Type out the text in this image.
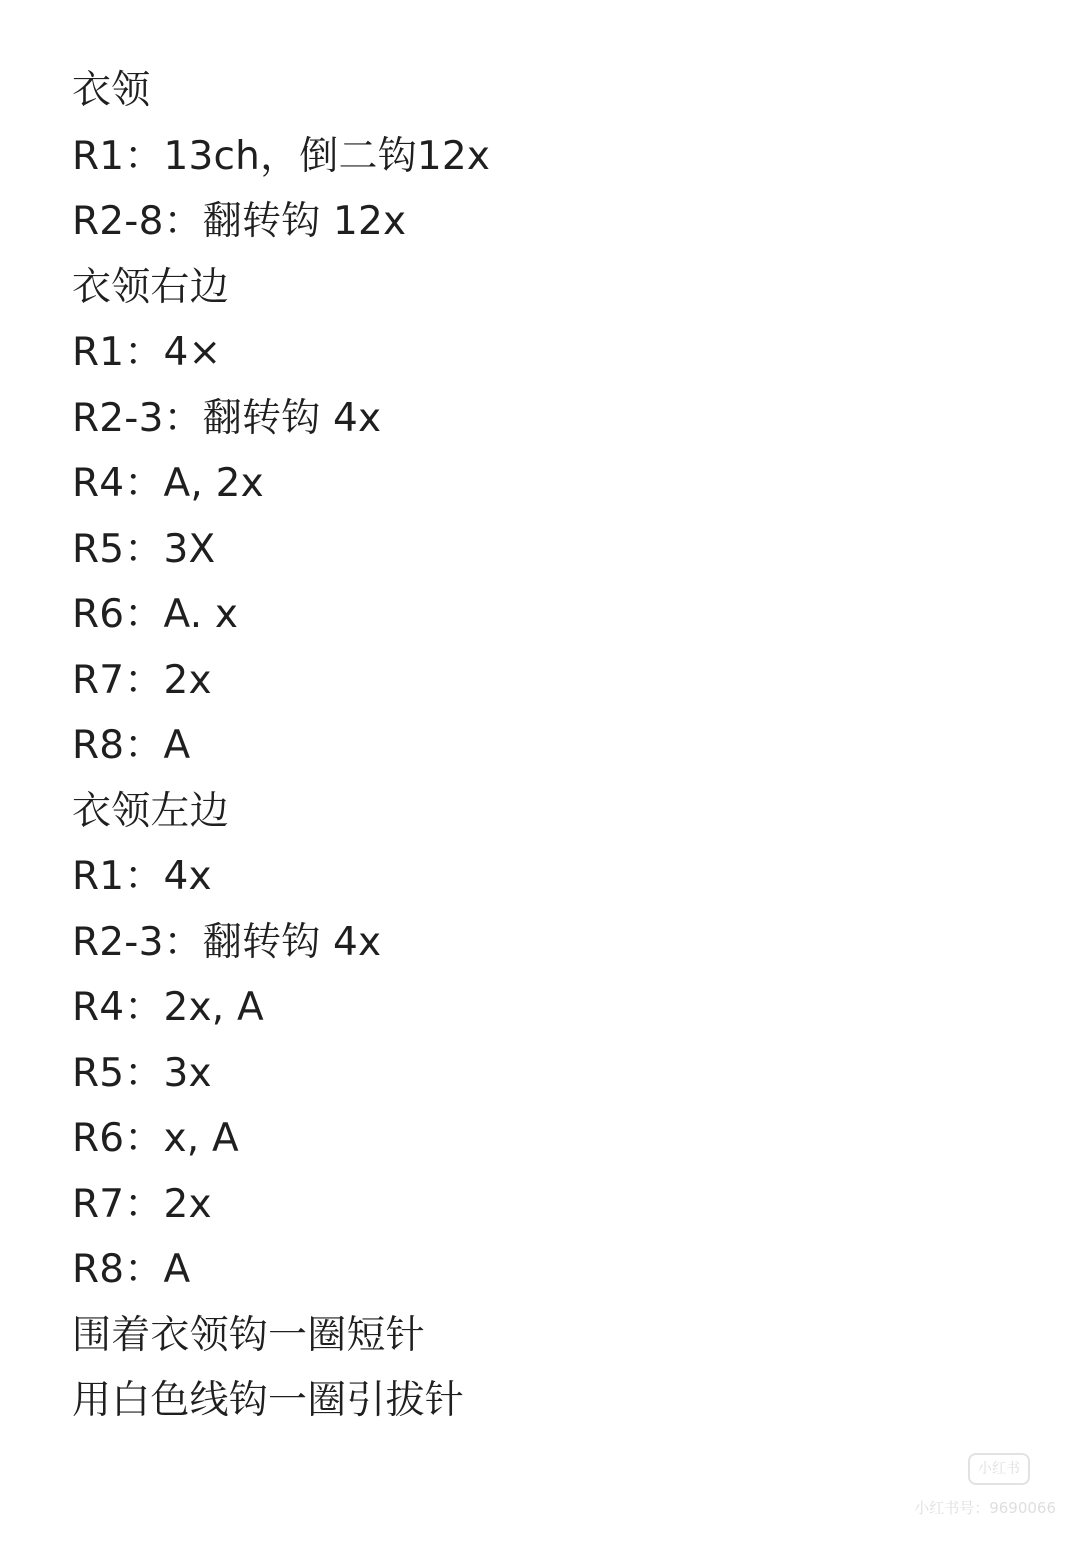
衣领
R1：13ch，倒二钩12x
R2-8：翻转钩 12x
衣领右边
R1：4×
R2-3：翻转钩 4x
R4：A, 2x
R5：3X
R6：A. x
R7：2x
R8：A
衣领左边
R1：4x
R2-3：翻转钩 4x
R4：2x, A
R5：3x
R6：x, A
R7：2x
R8：A
围着衣领钩一圈短针
用白色线钩一圈引拔针
小红书
小红书号：9690066
